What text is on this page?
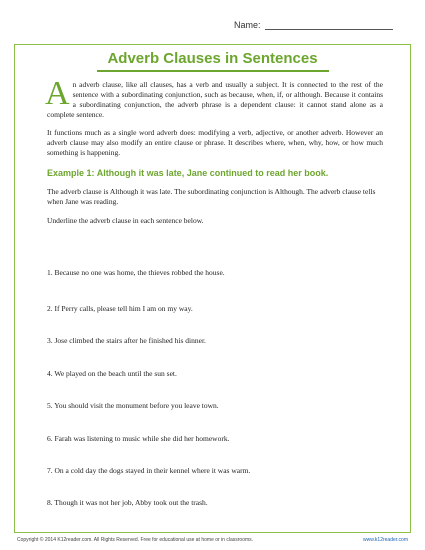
Name:
Adverb Clauses in Sentences

An adverb clause, like all clauses, has a verb and usually a subject. It is connected to the rest of the sentence with a subordinating conjunction, such as because, when, if, or although. Because it contains a subordinating conjunction, the adverb phrase is a dependent clause: it cannot stand alone as a complete sentence.

It functions much as a single word adverb does: modifying a verb, adjective, or another adverb. However an adverb clause may also modify an entire clause or phrase. It describes where, when, why, how, or how much something is happening.

Example 1: Although it was late, Jane continued to read her book.

The adverb clause is Although it was late. The subordinating conjunction is Although. The adverb clause tells when Jane was reading.

Underline the adverb clause in each sentence below.

1. Because no one was home, the thieves robbed the house.
2. If Perry calls, please tell him I am on my way.
3. Jose climbed the stairs after he finished his dinner.
4. We played on the beach until the sun set.
5. You should visit the monument before you leave town.
6. Farah was listening to music while she did her homework.
7. On a cold day the dogs stayed in their kennel where it was warm.
8. Though it was not her job, Abby took out the trash.
Copyright © 2014 K12reader.com. All Rights Reserved. Free for educational use at home or in classrooms.	www.k12reader.com
